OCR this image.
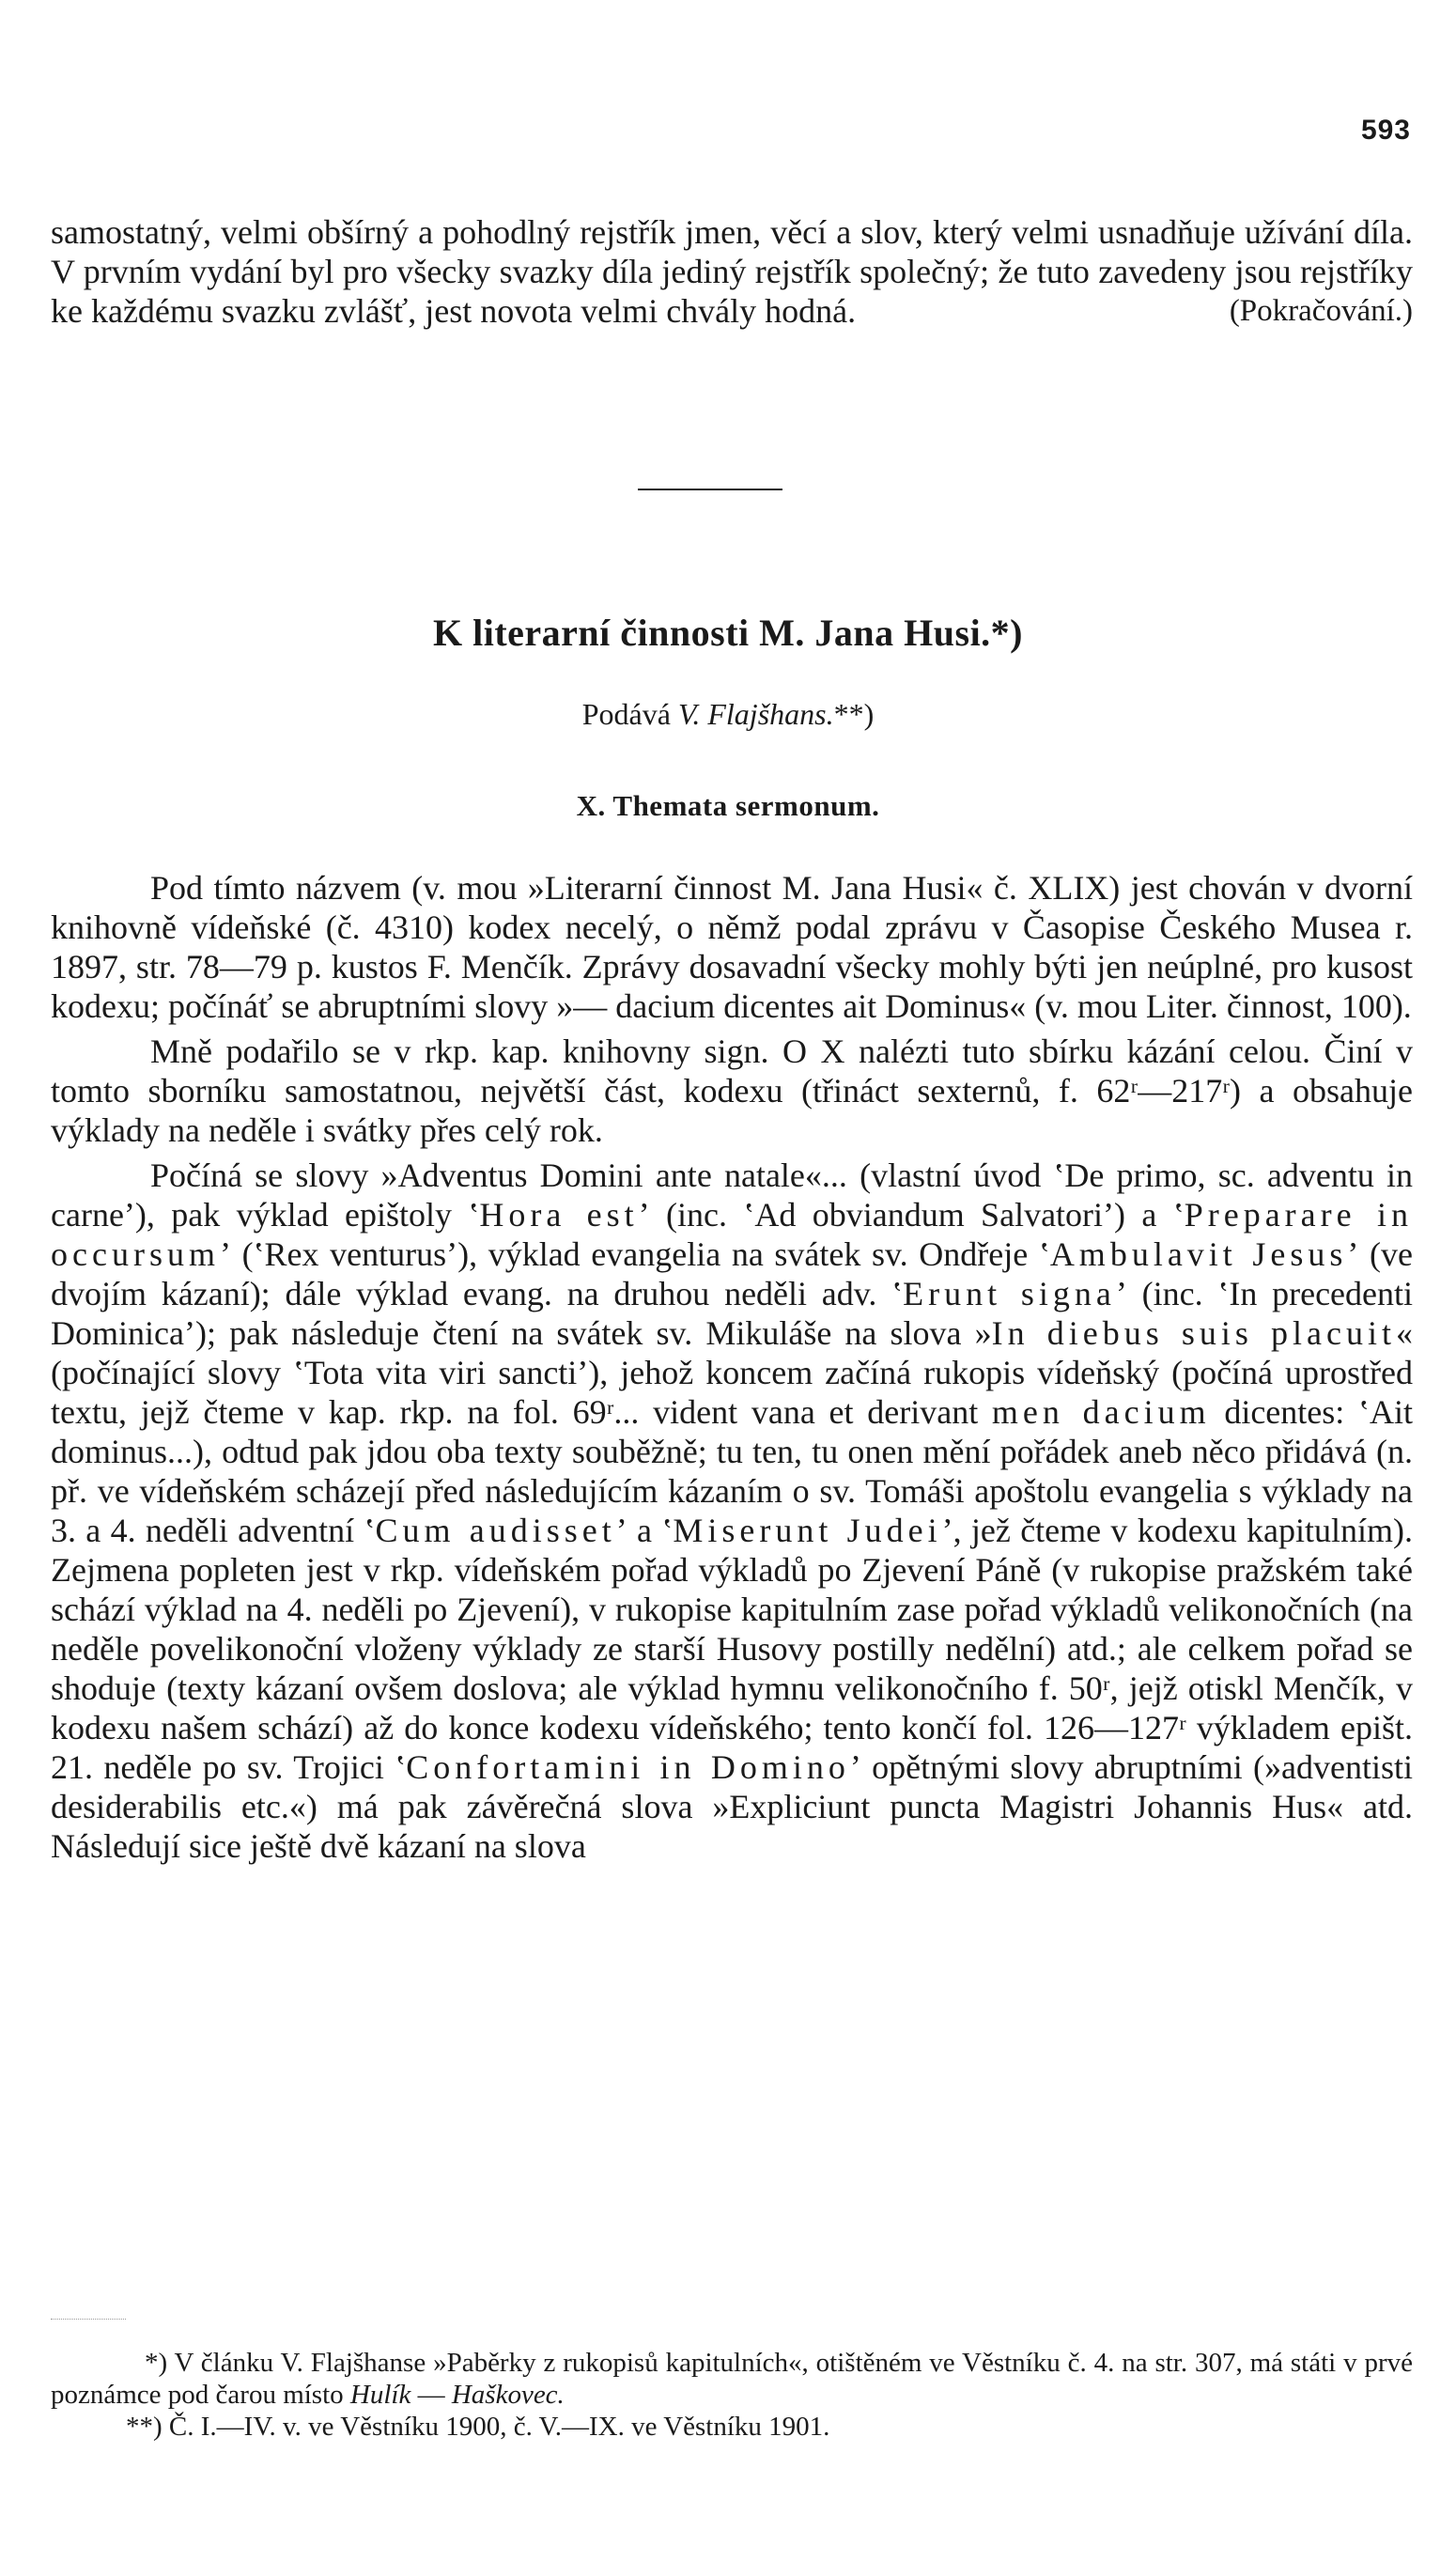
593

samostatný, velmi obšírný a pohodlný rejstřík jmen, věcí a slov, který velmi usnadňuje užívání díla. V prvním vydání byl pro všecky svazky díla jediný rejstřík společný; že tuto zavedeny jsou rejstříky ke každému svazku zvlášť, jest novota velmi chvály hodná.	(Pokračování.)

K literarní činnosti M. Jana Husi.*)
Podává V. Flajšhans.**)
X. Themata sermonum.

Pod tímto názvem (v. mou »Literarní činnost M. Jana Husi« č. XLIX) jest chován v dvorní knihovně vídeňské (č. 4310) kodex necelý, o němž podal zprávu v Časopise Českého Musea r. 1897, str. 78—79 p. kustos F. Menčík. Zprávy dosavadní všecky mohly býti jen neúplné, pro kusost kodexu; počínáť se abruptními slovy »— dacium dicentes ait Dominus« (v. mou Liter. činnost, 100).

Mně podařilo se v rkp. kap. knihovny sign. O X nalézti tuto sbírku kázání celou. Činí v tomto sborníku samostatnou, největší část, kodexu (třináct sexternů, f. 62ʳ—217ʳ) a obsahuje výklady na neděle i svátky přes celý rok.

Počíná se slovy »Adventus Domini ante natale«... (vlastní úvod ʽDe primo, sc. adventu in carneʼ), pak výklad epištoly ʽHora estʼ (inc. ʽAd obviandum Salvatoriʼ) a ʽPreparare in occursumʼ (ʽRex venturusʼ), výklad evangelia na svátek sv. Ondřeje ʽAmbulavit Jesusʼ (ve dvojím kázaní); dále výklad evang. na druhou neděli adv. ʽErunt signaʼ (inc. ʽIn precedenti Dominicaʼ); pak následuje čtení na svátek sv. Mikuláše na slova »In diebus suis placuit« (počínající slovy ʽTota vita viri sanctiʼ), jehož koncem začíná rukopis vídeňský (počíná uprostřed textu, jejž čteme v kap. rkp. na fol. 69ʳ... vident vana et derivant men dacium dicentes: ʽAit dominus...), odtud pak jdou oba texty souběžně; tu ten, tu onen mění pořádek aneb něco přidává (n. př. ve vídeňském scházejí před následujícím kázaním o sv. Tomáši apoštolu evangelia s výklady na 3. a 4. neděli adventní ʽCum audissetʼ a ʽMiserunt Judeiʼ, jež čteme v kodexu kapitulním). Zejmena popleten jest v rkp. vídeňském pořad výkladů po Zjevení Páně (v rukopise pražském také schází výklad na 4. neděli po Zjevení), v rukopise kapitulním zase pořad výkladů velikonočních (na neděle povelikonoční vloženy výklady ze starší Husovy postilly nedělní) atd.; ale celkem pořad se shoduje (texty kázaní ovšem doslova; ale výklad hymnu velikonočního f. 50ʳ, jejž otiskl Menčík, v kodexu našem schází) až do konce kodexu vídeňského; tento končí fol. 126—127ʳ výkladem epišt. 21. neděle po sv. Trojici ʽConfortamini in Dominoʼ opětnými slovy abruptními (»adventisti desiderabilis etc.«) má pak závěrečná slova »Expliciunt puncta Magistri Johannis Hus« atd. Následují sice ještě dvě kázaní na slova

*) V článku V. Flajšhanse »Paběrky z rukopisů kapitulních«, otištěném ve Věstníku č. 4. na str. 307, má státi v prvé poznámce pod čarou místo Hulík — Haškovec.

**) Č. I.—IV. v. ve Věstníku 1900, č. V.—IX. ve Věstníku 1901.
